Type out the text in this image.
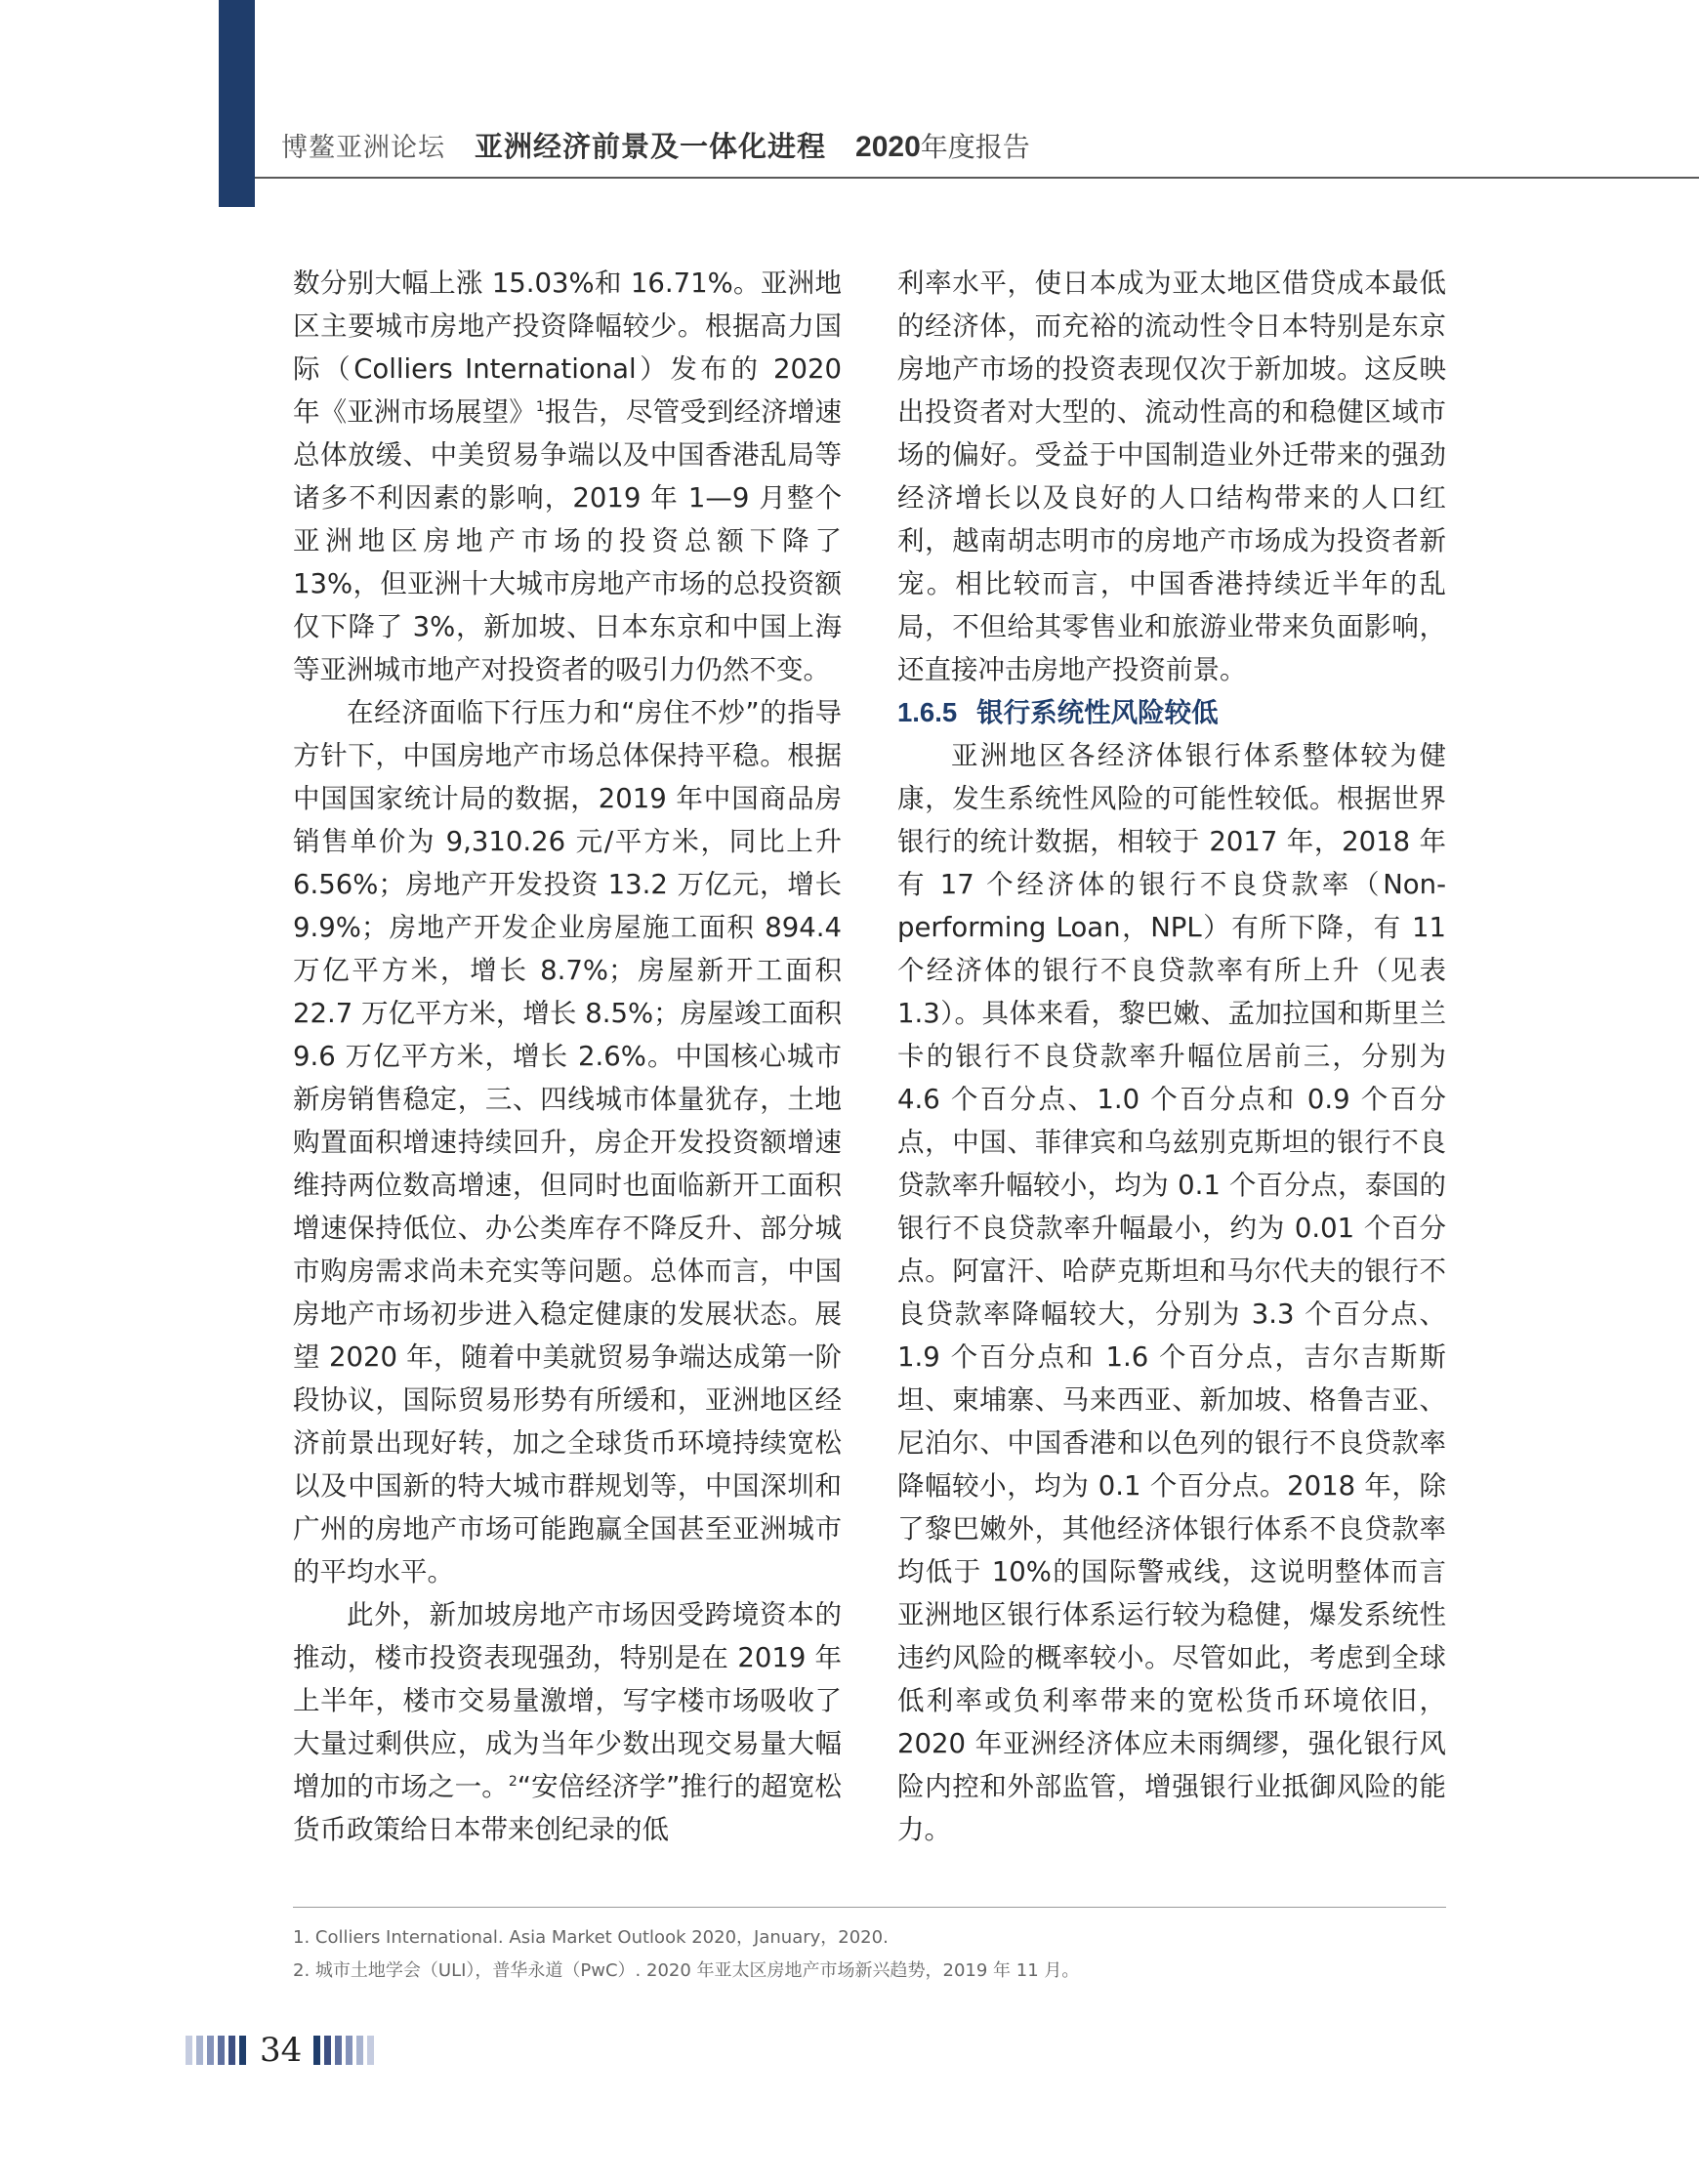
博鳌亚洲论坛 亚洲经济前景及一体化进程 2020 年度报告

数分别大幅上涨 15.03%和 16.71%。亚洲地区主要城市房地产投资降幅较少。根据高力国际（Colliers International）发布的 2020 年《亚洲市场展望》$^1$报告，尽管受到经济增速总体放缓、中美贸易争端以及中国香港乱局等诸多不利因素的影响，2019 年 1—9 月整个亚洲地区房地产市场的投资总额下降了 13%，但亚洲十大城市房地产市场的总投资额仅下降了 3%，新加坡、日本东京和中国上海等亚洲城市地产对投资者的吸引力仍然不变。

在经济面临下行压力和“房住不炒”的指导方针下，中国房地产市场总体保持平稳。根据中国国家统计局的数据，2019 年中国商品房销售单价为 9,310.26 元/平方米，同比上升 6.56%；房地产开发投资 13.2 万亿元，增长 9.9%；房地产开发企业房屋施工面积 894.4 万亿平方米，增长 8.7%；房屋新开工面积 22.7 万亿平方米，增长 8.5%；房屋竣工面积 9.6 万亿平方米，增长 2.6%。中国核心城市新房销售稳定，三、四线城市体量犹存，土地购置面积增速持续回升，房企开发投资额增速维持两位数高增速，但同时也面临新开工面积增速保持低位、办公类库存不降反升、部分城市购房需求尚未充实等问题。总体而言，中国房地产市场初步进入稳定健康的发展状态。展望 2020 年，随着中美就贸易争端达成第一阶段协议，国际贸易形势有所缓和，亚洲地区经济前景出现好转，加之全球货币环境持续宽松以及中国新的特大城市群规划等，中国深圳和广州的房地产市场可能跑赢全国甚至亚洲城市的平均水平。

此外，新加坡房地产市场因受跨境资本的推动，楼市投资表现强劲，特别是在 2019 年上半年，楼市交易量激增，写字楼市场吸收了大量过剩供应，成为当年少数出现交易量大幅增加的市场之一。$^2$“安倍经济学”推行的超宽松货币政策给日本带来创纪录的低

利率水平，使日本成为亚太地区借贷成本最低的经济体，而充裕的流动性令日本特别是东京房地产市场的投资表现仅次于新加坡。这反映出投资者对大型的、流动性高的和稳健区域市场的偏好。受益于中国制造业外迁带来的强劲经济增长以及良好的人口结构带来的人口红利，越南胡志明市的房地产市场成为投资者新宠。相比较而言，中国香港持续近半年的乱局，不但给其零售业和旅游业带来负面影响，还直接冲击房地产投资前景。

1.6.5 银行系统性风险较低

亚洲地区各经济体银行体系整体较为健康，发生系统性风险的可能性较低。根据世界银行的统计数据，相较于 2017 年，2018 年有 17 个经济体的银行不良贷款率（Non-performing Loan，NPL）有所下降，有 11 个经济体的银行不良贷款率有所上升（见表 1.3）。具体来看，黎巴嫩、孟加拉国和斯里兰卡的银行不良贷款率升幅位居前三，分别为 4.6 个百分点、1.0 个百分点和 0.9 个百分点，中国、菲律宾和乌兹别克斯坦的银行不良贷款率升幅较小，均为 0.1 个百分点，泰国的银行不良贷款率升幅最小，约为 0.01 个百分点。阿富汗、哈萨克斯坦和马尔代夫的银行不良贷款率降幅较大，分别为 3.3 个百分点、1.9 个百分点和 1.6 个百分点，吉尔吉斯斯坦、柬埔寨、马来西亚、新加坡、格鲁吉亚、尼泊尔、中国香港和以色列的银行不良贷款率降幅较小，均为 0.1 个百分点。2018 年，除了黎巴嫩外，其他经济体银行体系不良贷款率均低于 10%的国际警戒线，这说明整体而言亚洲地区银行体系运行较为稳健，爆发系统性违约风险的概率较小。尽管如此，考虑到全球低利率或负利率带来的宽松货币环境依旧，2020 年亚洲经济体应未雨绸缪，强化银行风险内控和外部监管，增强银行业抵御风险的能力。

1. Colliers International. Asia Market Outlook 2020，January，2020.
2. 城市土地学会（ULI），普华永道（PwC）. 2020 年亚太区房地产市场新兴趋势，2019 年 11 月。
34
